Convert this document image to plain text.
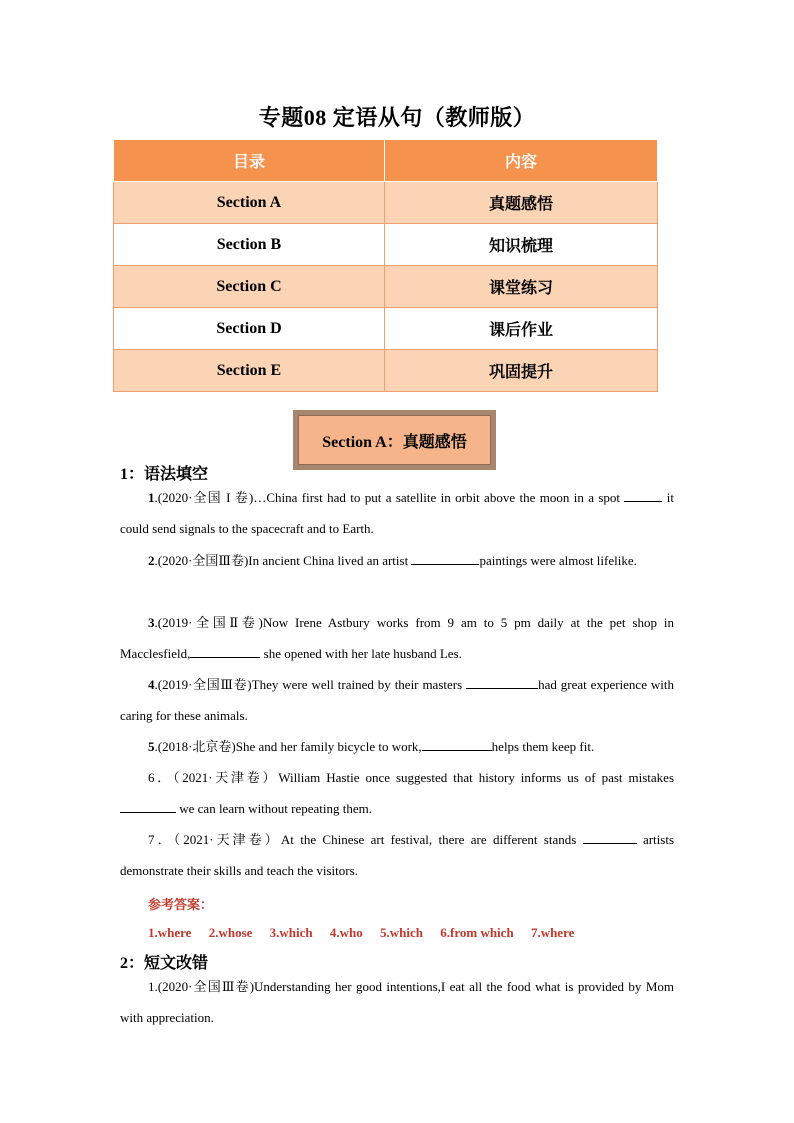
专题08 定语从句（教师版）
目录	内容
Section A	真题感悟
Section B	知识梳理
Section C	课堂练习
Section D	课后作业
Section E	巩固提升
Section A：真题感悟
1：语法填空
1.(2020·全国 I 卷)…China first had to put a satellite in orbit above the moon in a spot	it could send signals to the spacecraft and to Earth.
2.(2020·全国Ⅲ卷)In ancient China lived an artist	paintings were almost lifelike.
3.(2019·全国Ⅱ卷)Now Irene Astbury works from 9 am to 5 pm daily at the pet shop in Macclesfield,	she opened with her late husband Les.
4.(2019·全国Ⅲ卷)They were well trained by their masters	had great experience with caring for these animals.
5.(2018·北京卷)She and her family bicycle to work,	helps them keep fit.
6．（2021·天津卷）William Hastie once suggested that history informs us of past mistakes  we can learn without repeating them.
7．（2021·天津卷）At the Chinese art festival, there are different stands	artists demonstrate their skills and teach the visitors.
参考答案：
1.where 2.whose 3.which 4.who 5.which 6.from which 7.where
2：短文改错
1.(2020·全国Ⅲ卷)Understanding her good intentions,I eat all the food what is provided by Mom with appreciation.
